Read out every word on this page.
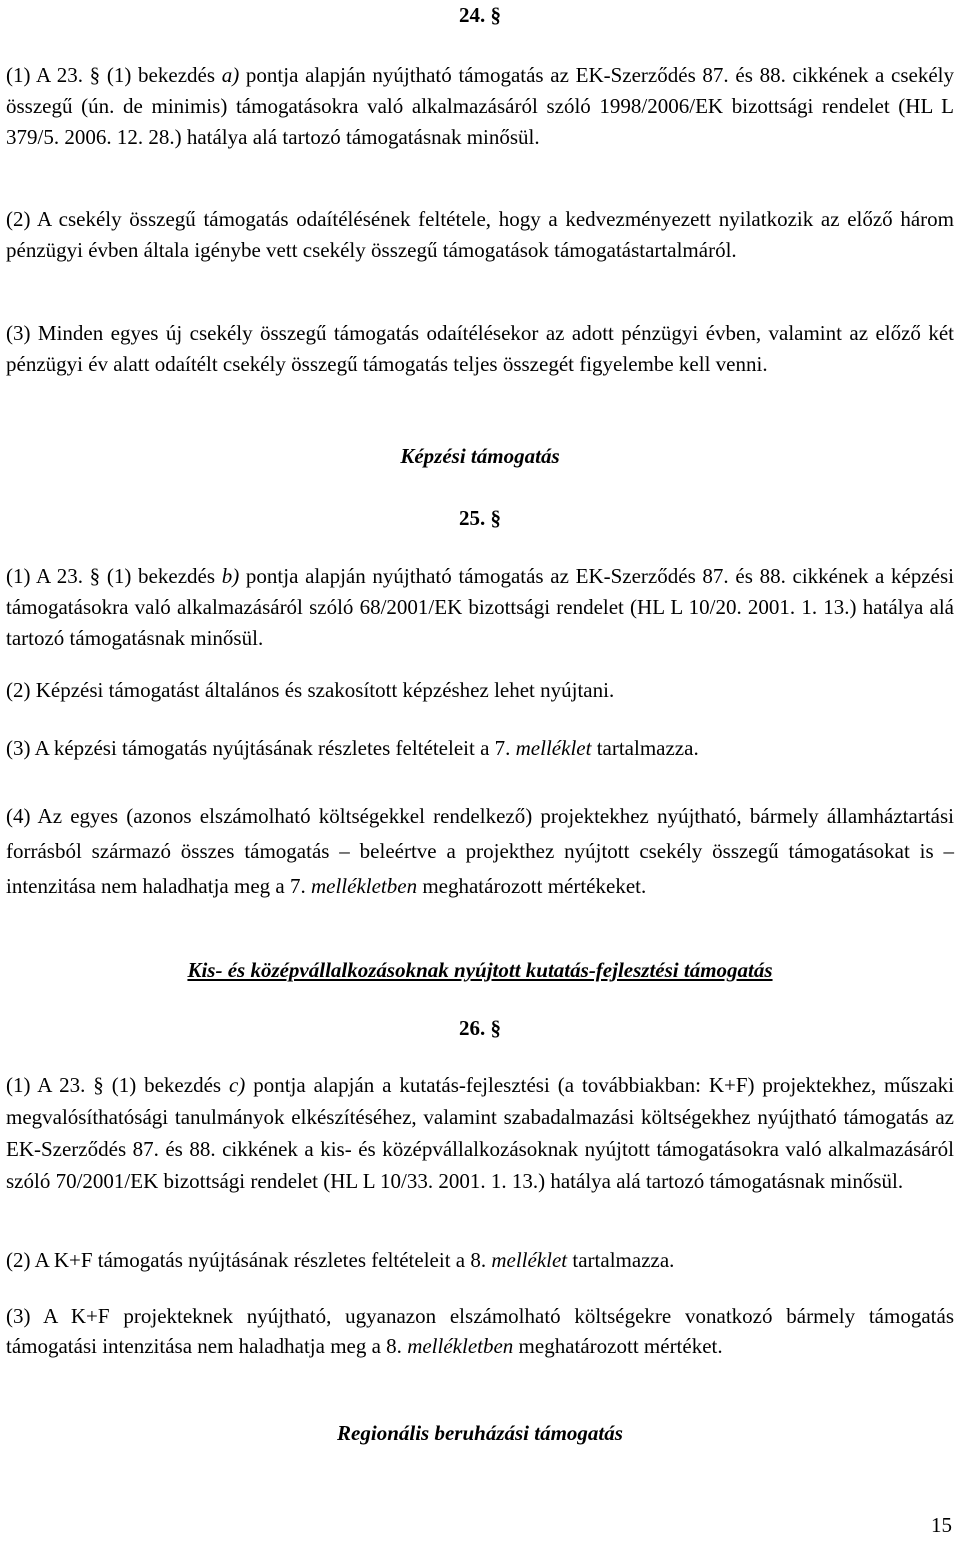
24. §

(1) A 23. § (1) bekezdés a) pontja alapján nyújtható támogatás az EK-Szerződés 87. és 88. cikkének a csekély összegű (ún. de minimis) támogatásokra való alkalmazásáról szóló 1998/2006/EK bizottsági rendelet (HL L 379/5. 2006. 12. 28.) hatálya alá tartozó támogatásnak minősül.

(2) A csekély összegű támogatás odaítélésének feltétele, hogy a kedvezményezett nyilatkozik az előző három pénzügyi évben általa igénybe vett csekély összegű támogatások támogatástartalmáról.

(3) Minden egyes új csekély összegű támogatás odaítélésekor az adott pénzügyi évben, valamint az előző két pénzügyi év alatt odaítélt csekély összegű támogatás teljes összegét figyelembe kell venni.

Képzési támogatás
25. §

(1) A 23. § (1) bekezdés b) pontja alapján nyújtható támogatás az EK-Szerződés 87. és 88. cikkének a képzési támogatásokra való alkalmazásáról szóló 68/2001/EK bizottsági rendelet (HL L 10/20. 2001. 1. 13.) hatálya alá tartozó támogatásnak minősül.

(2) Képzési támogatást általános és szakosított képzéshez lehet nyújtani.

(3) A képzési támogatás nyújtásának részletes feltételeit a 7. melléklet tartalmazza.

(4) Az egyes (azonos elszámolható költségekkel rendelkező) projektekhez nyújtható, bármely államháztartási forrásból származó összes támogatás – beleértve a projekthez nyújtott csekély összegű támogatásokat is – intenzitása nem haladhatja meg a 7. mellékletben meghatározott mértékeket.

Kis- és középvállalkozásoknak nyújtott kutatás-fejlesztési támogatás
26. §

(1) A 23. § (1) bekezdés c) pontja alapján a kutatás-fejlesztési (a továbbiakban: K+F) projektekhez, műszaki megvalósíthatósági tanulmányok elkészítéséhez, valamint szabadalmazási költségekhez nyújtható támogatás az EK-Szerződés 87. és 88. cikkének a kis- és középvállalkozásoknak nyújtott támogatásokra való alkalmazásáról szóló 70/2001/EK bizottsági rendelet (HL L 10/33. 2001. 1. 13.) hatálya alá tartozó támogatásnak minősül.

(2) A K+F támogatás nyújtásának részletes feltételeit a 8. melléklet tartalmazza.

(3) A K+F projekteknek nyújtható, ugyanazon elszámolható költségekre vonatkozó bármely támogatás támogatási intenzitása nem haladhatja meg a 8. mellékletben meghatározott mértéket.

Regionális beruházási támogatás
15
